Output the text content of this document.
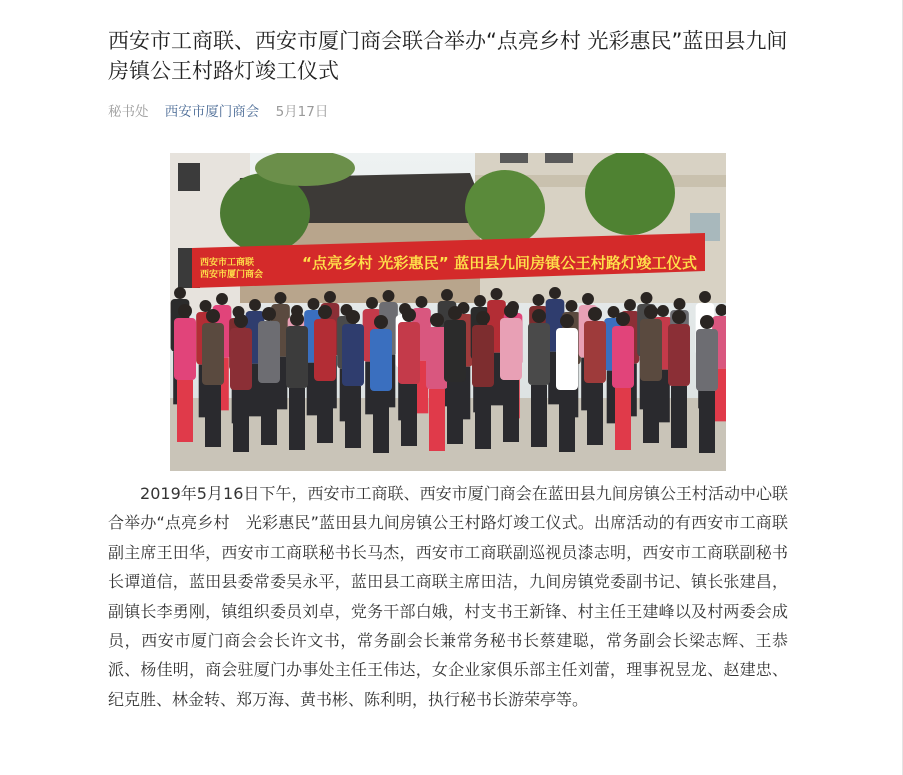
西安市工商联、西安市厦门商会联合举办“点亮乡村 光彩惠民”蓝田县九间房镇公王村路灯竣工仪式
秘书处 西安市厦门商会 5月17日
西安市工商联
西安市厦门商会
“点亮乡村 光彩惠民” 蓝田县九间房镇公王村路灯竣工仪式

　　2019年5月16日下午，西安市工商联、西安市厦门商会在蓝田县九间房镇公王村活动中心联合举办“点亮乡村　光彩惠民”蓝田县九间房镇公王村路灯竣工仪式。出席活动的有西安市工商联副主席王田华，西安市工商联秘书长马杰，西安市工商联副巡视员漆志明，西安市工商联副秘书长谭道信，蓝田县委常委吴永平，蓝田县工商联主席田洁，九间房镇党委副书记、镇长张建昌，副镇长李勇刚，镇组织委员刘卓，党务干部白娥，村支书王新锋、村主任王建峰以及村两委会成员，西安市厦门商会会长许文书，常务副会长兼常务秘书长蔡建聪，常务副会长梁志辉、王恭派、杨佳明，商会驻厦门办事处主任王伟达，女企业家俱乐部主任刘蕾，理事祝昱龙、赵建忠、纪克胜、林金转、郑万海、黄书彬、陈利明，执行秘书长游荣亭等。
